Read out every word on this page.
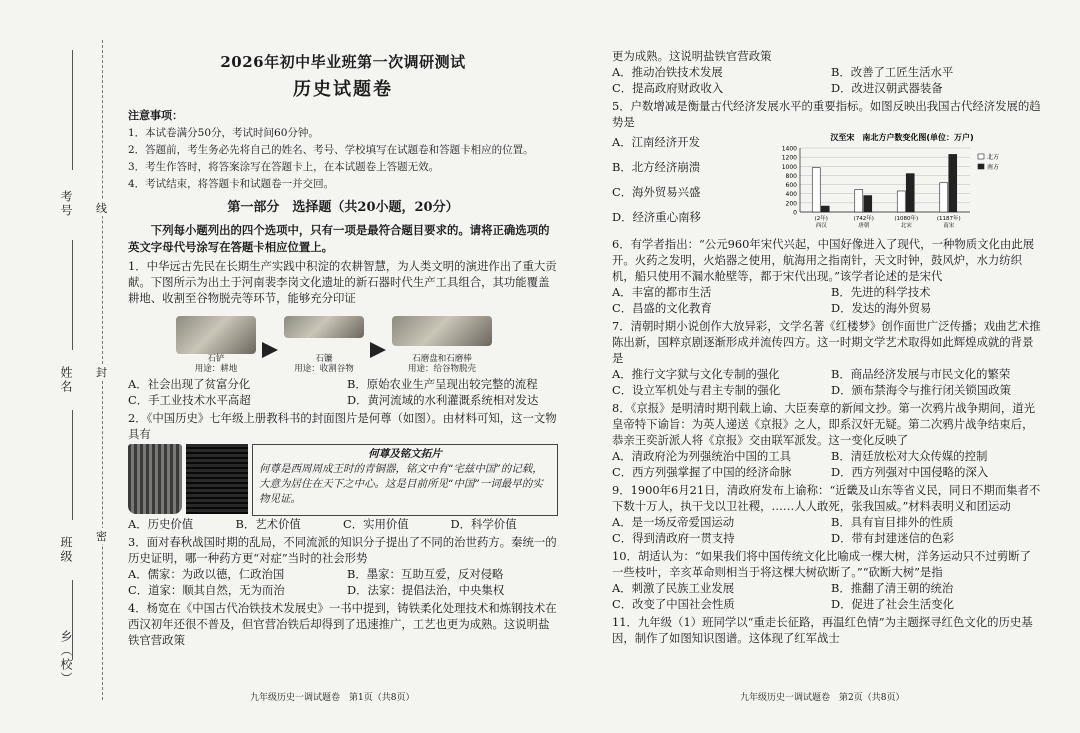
考号
姓名
班级
乡（校）
线
封
密
2026年初中毕业班第一次调研测试
历史试题卷
注意事项：

1．本试卷满分50分，考试时间60分钟。

2．答题前，考生务必先将自己的姓名、考号、学校填写在试题卷和答题卡相应的位置。

3．考生作答时，将答案涂写在答题卡上，在本试题卷上答题无效。

4．考试结束，将答题卡和试题卷一并交回。

第一部分　选择题（共20小题，20分）
下列每小题列出的四个选项中，只有一项是最符合题目要求的。请将正确选项的英文字母代号涂写在答题卡相应位置上。
1．中华远古先民在长期生产实践中积淀的农耕智慧，为人类文明的演进作出了重大贡献。下图所示为出土于河南裴李岗文化遗址的新石器时代生产工具组合，其功能覆盖耕地、收割至谷物脱壳等环节，能够充分印证
石铲
用途：耕地
石镰
用途：收割谷物
石磨盘和石磨棒
用途：给谷物脱壳
A．社会出现了贫富分化	B．原始农业生产呈现出较完整的流程
C．手工业技术水平高超	D．黄河流域的水利灌溉系统相对发达
2．《中国历史》七年级上册教科书的封面图片是何尊（如图）。由材料可知，这一文物具有
何尊及铭文拓片
何尊是西周周成王时的青铜器，铭文中有“宅兹中国”的记载，大意为居住在天下之中心。这是目前所见“中国”一词最早的实物见证。
A．历史价值	B．艺术价值	C．实用价值	D．科学价值
3．面对春秋战国时期的乱局，不同流派的知识分子提出了不同的治世药方。秦统一的历史证明，哪一种药方更“对症”当时的社会形势
A．儒家：为政以德，仁政治国	B．墨家：互助互爱，反对侵略
C．道家：顺其自然，无为而治	D．法家：提倡法治，中央集权
4．杨宽在《中国古代冶铁技术发展史》一书中提到，铸铁柔化处理技术和炼钢技术在西汉初年还很不普及，但官营冶铁后却得到了迅速推广，工艺也更为成熟。这说明盐铁官营政策
九年级历史一调试题卷　第1页（共8页）
更为成熟。这说明盐铁官营政策
A．推动冶铁技术发展	B．改善了工匠生活水平
C．提高政府财政收入	D．改进汉朝武器装备
5．户数增减是衡量古代经济发展水平的重要指标。如图反映出我国古代经济发展的趋势是
A．江南经济开发
B．北方经济崩溃
C．海外贸易兴盛
D．经济重心南移
汉至宋　南北方户数变化图(单位：万户)
0
200
400
600
800
1000
1200
1400
(2年)
西汉
(742年)
唐朝
(1080年)
北宋
(1187年)
南宋
北方
南方
6．有学者指出：“公元960年宋代兴起，中国好像进入了现代，一种物质文化由此展开。火药之发明，火焰器之使用，航海用之指南针，天文时钟，鼓风炉，水力纺织机，船只使用不漏水舱壁等，都于宋代出现。”该学者论述的是宋代
A．丰富的都市生活	B．先进的科学技术
C．昌盛的文化教育	D．发达的海外贸易
7．清朝时期小说创作大放异彩，文学名著《红楼梦》创作面世广泛传播；戏曲艺术推陈出新，国粹京剧逐渐形成并流传四方。这一时期文学艺术取得如此辉煌成就的背景是
A．推行文字狱与文化专制的强化	B．商品经济发展与市民文化的繁荣
C．设立军机处与君主专制的强化	D．颁布禁海令与推行闭关锁国政策
8．《京报》是明清时期刊载上谕、大臣奏章的新闻文抄。第一次鸦片战争期间，道光皇帝特下谕旨：为英人递送《京报》之人，即系汉奸无疑。第二次鸦片战争结束后，恭亲王奕訢派人将《京报》交由联军派发。这一变化反映了
A．清政府沦为列强统治中国的工具	B．清廷放松对大众传媒的控制
C．西方列强掌握了中国的经济命脉	D．西方列强对中国侵略的深入
9．1900年6月21日，清政府发布上谕称：“近畿及山东等省义民，同日不期而集者不下数十万人，执干戈以卫社稷，……人人敢死，张我国威。”材料表明义和团运动
A．是一场反帝爱国运动	B．具有盲目排外的性质
C．得到清政府一贯支持	D．带有封建迷信的色彩
10．胡适认为：“如果我们将中国传统文化比喻成一棵大树，洋务运动只不过剪断了一些枝叶，辛亥革命则相当于将这棵大树砍断了。”“砍断大树”是指
A．刺激了民族工业发展	B．推翻了清王朝的统治
C．改变了中国社会性质	D．促进了社会生活变化
11．九年级（1）班同学以“重走长征路，再温红色情”为主题探寻红色文化的历史基因，制作了如图知识图谱。这体现了红军战士
九年级历史一调试题卷　第2页（共8页）
